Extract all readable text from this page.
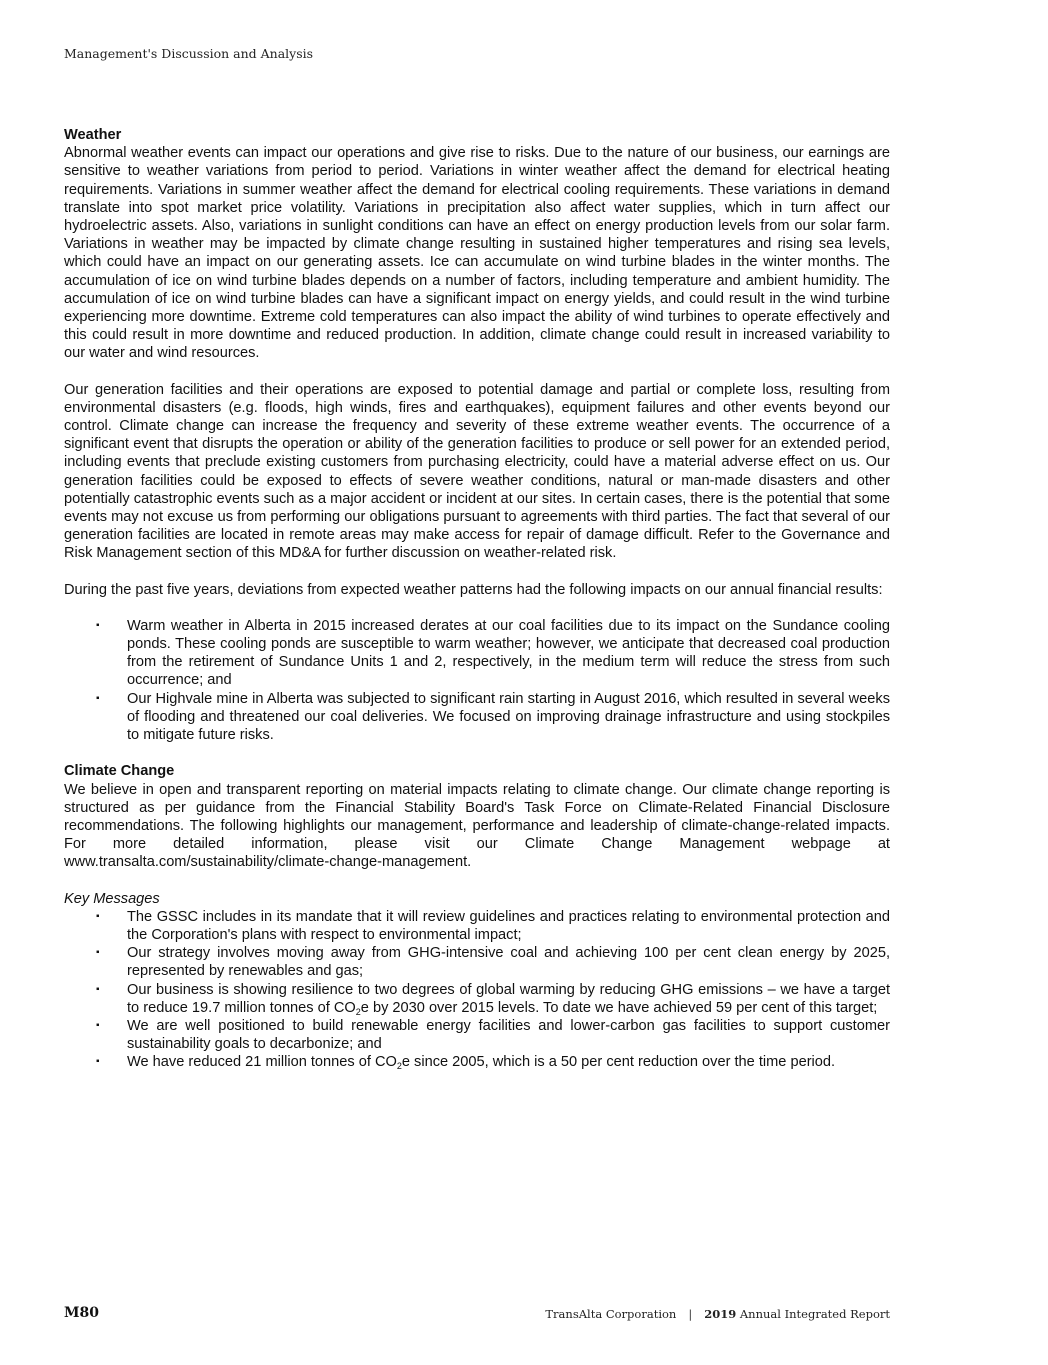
Management's Discussion and Analysis
Weather

Abnormal weather events can impact our operations and give rise to risks. Due to the nature of our business, our earnings are sensitive to weather variations from period to period. Variations in winter weather affect the demand for electrical heating requirements. Variations in summer weather affect the demand for electrical cooling requirements. These variations in demand translate into spot market price volatility. Variations in precipitation also affect water supplies, which in turn affect our hydroelectric assets. Also, variations in sunlight conditions can have an effect on energy production levels from our solar farm. Variations in weather may be impacted by climate change resulting in sustained higher temperatures and rising sea levels, which could have an impact on our generating assets. Ice can accumulate on wind turbine blades in the winter months. The accumulation of ice on wind turbine blades depends on a number of factors, including temperature and ambient humidity. The accumulation of ice on wind turbine blades can have a significant impact on energy yields, and could result in the wind turbine experiencing more downtime. Extreme cold temperatures can also impact the ability of wind turbines to operate effectively and this could result in more downtime and reduced production. In addition, climate change could result in increased variability to our water and wind resources.

Our generation facilities and their operations are exposed to potential damage and partial or complete loss, resulting from environmental disasters (e.g. floods, high winds, fires and earthquakes), equipment failures and other events beyond our control. Climate change can increase the frequency and severity of these extreme weather events. The occurrence of a significant event that disrupts the operation or ability of the generation facilities to produce or sell power for an extended period, including events that preclude existing customers from purchasing electricity, could have a material adverse effect on us. Our generation facilities could be exposed to effects of severe weather conditions, natural or man-made disasters and other potentially catastrophic events such as a major accident or incident at our sites. In certain cases, there is the potential that some events may not excuse us from performing our obligations pursuant to agreements with third parties. The fact that several of our generation facilities are located in remote areas may make access for repair of damage difficult. Refer to the Governance and Risk Management section of this MD&A for further discussion on weather-related risk.

During the past five years, deviations from expected weather patterns had the following impacts on our annual financial results:

▪ Warm weather in Alberta in 2015 increased derates at our coal facilities due to its impact on the Sundance cooling ponds. These cooling ponds are susceptible to warm weather; however, we anticipate that decreased coal production from the retirement of Sundance Units 1 and 2, respectively, in the medium term will reduce the stress from such occurrence; and
▪ Our Highvale mine in Alberta was subjected to significant rain starting in August 2016, which resulted in several weeks of flooding and threatened our coal deliveries. We focused on improving drainage infrastructure and using stockpiles to mitigate future risks.
Climate Change

We believe in open and transparent reporting on material impacts relating to climate change. Our climate change reporting is structured as per guidance from the Financial Stability Board's Task Force on Climate-Related Financial Disclosure recommendations. The following highlights our management, performance and leadership of climate-change-related impacts. For more detailed information, please visit our Climate Change Management webpage at www.transalta.com/sustainability/climate-change-management.

Key Messages

▪ The GSSC includes in its mandate that it will review guidelines and practices relating to environmental protection and the Corporation's plans with respect to environmental impact;
▪ Our strategy involves moving away from GHG-intensive coal and achieving 100 per cent clean energy by 2025, represented by renewables and gas;
▪ Our business is showing resilience to two degrees of global warming by reducing GHG emissions – we have a target to reduce 19.7 million tonnes of $CO_2e$ by 2030 over 2015 levels. To date we have achieved 59 per cent of this target;
▪ We are well positioned to build renewable energy facilities and lower-carbon gas facilities to support customer sustainability goals to decarbonize; and
▪ We have reduced 21 million tonnes of $CO_2e$ since 2005, which is a 50 per cent reduction over the time period.
M80	TransAlta Corporation | 2019 Annual Integrated Report
